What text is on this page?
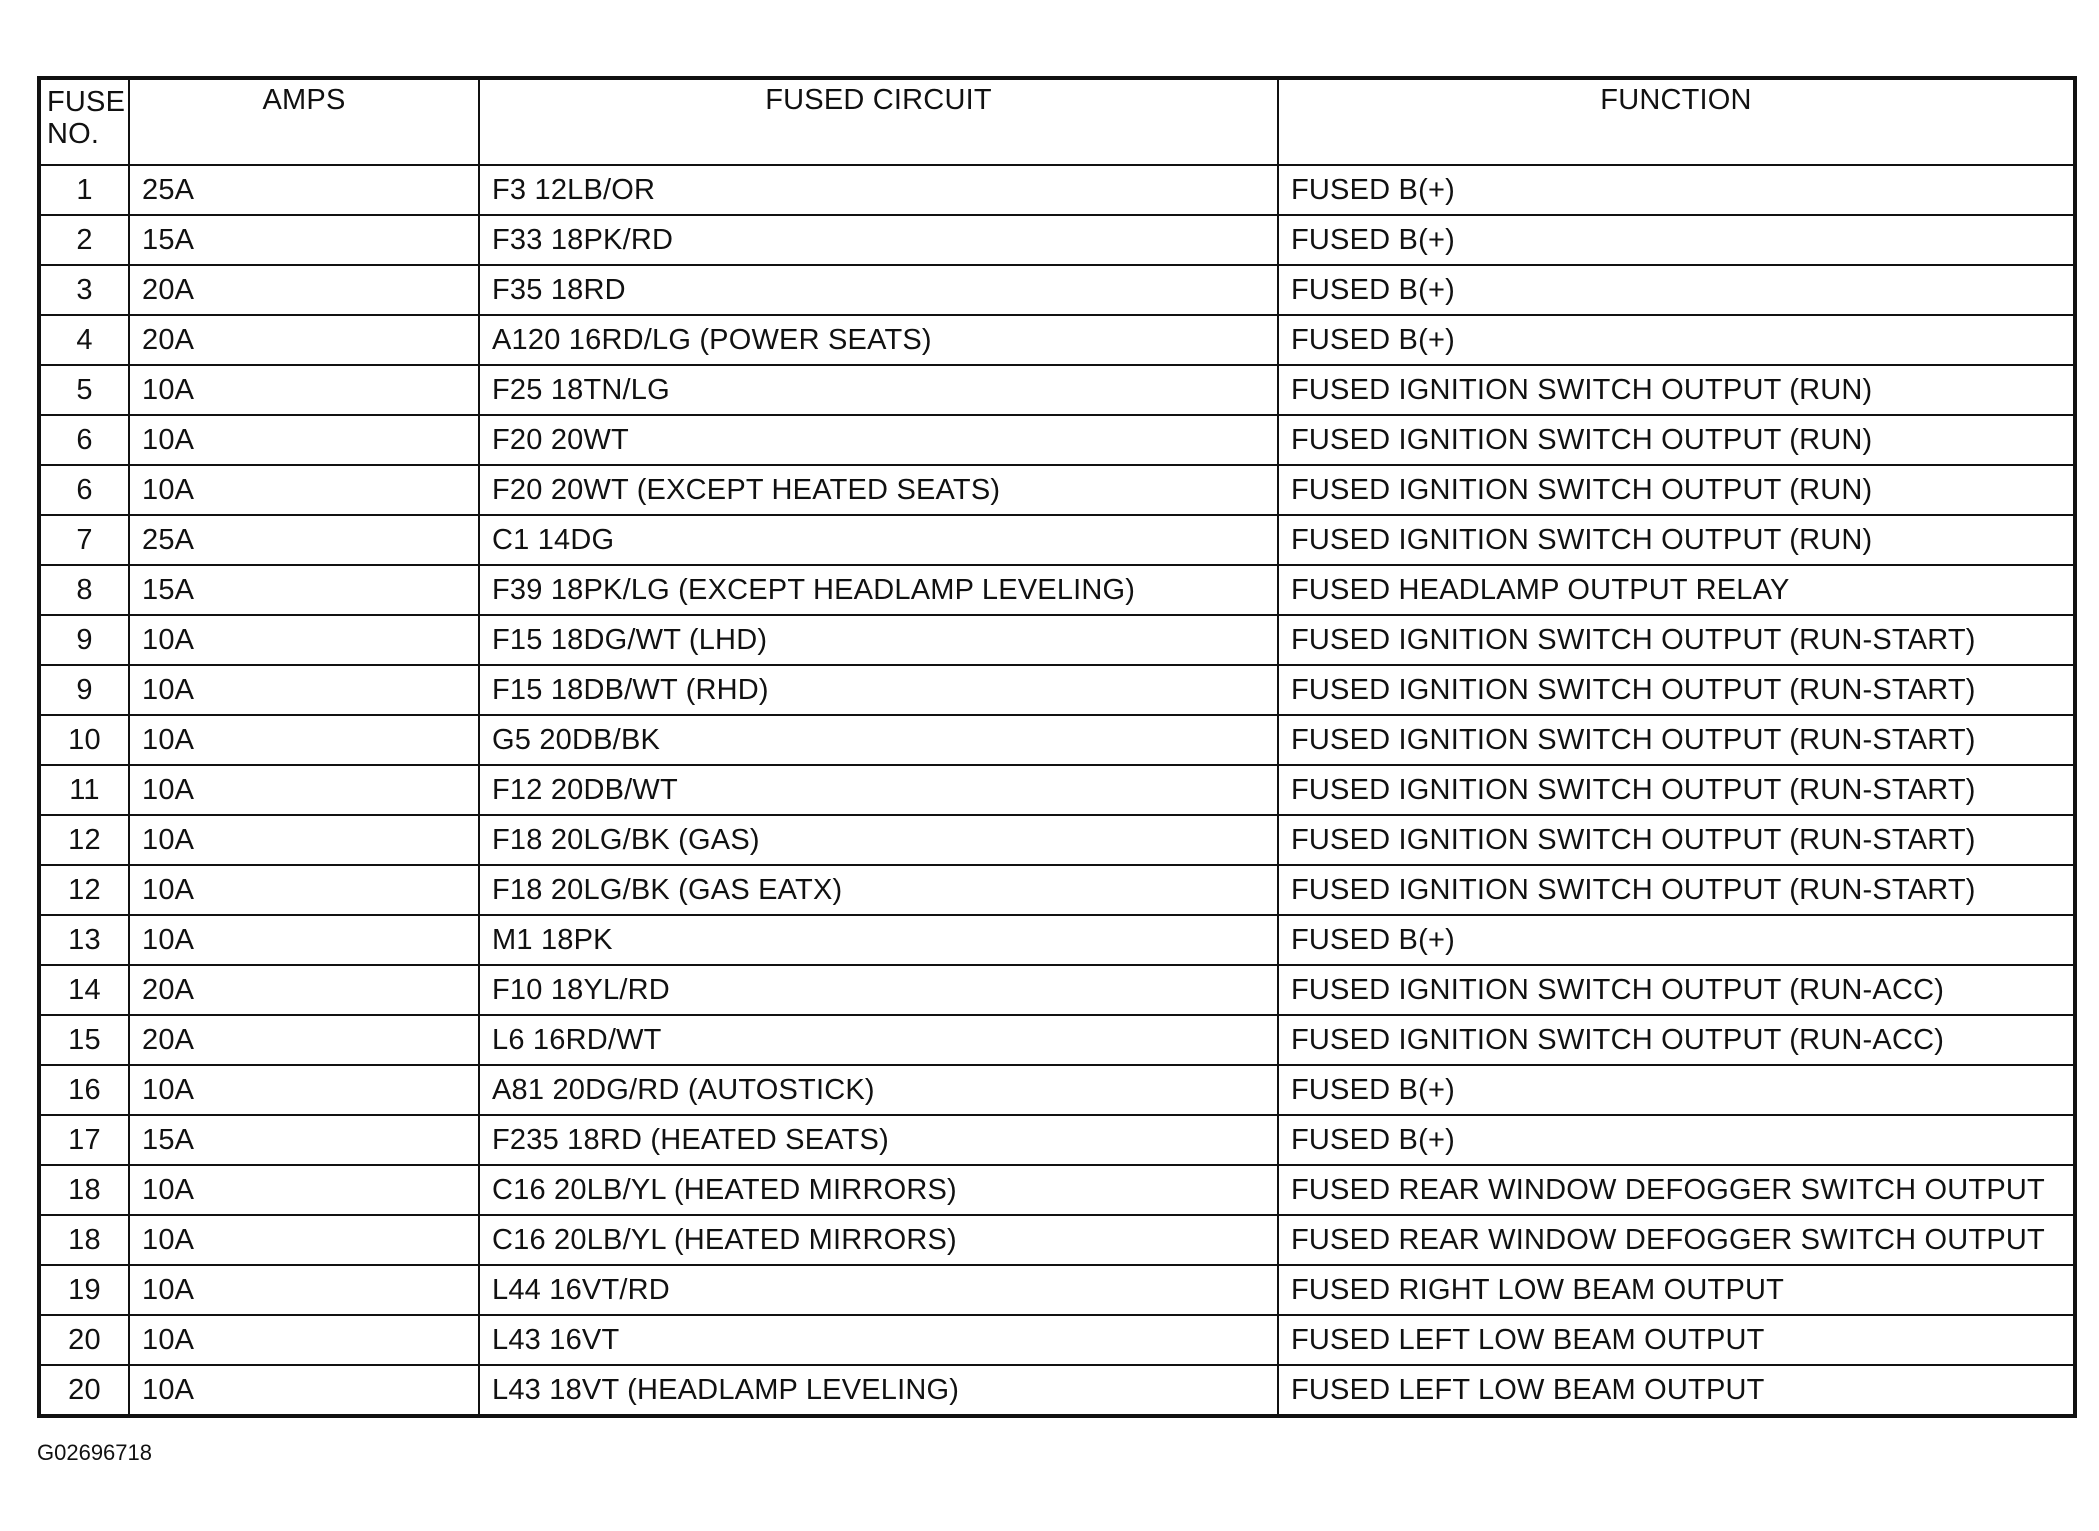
FUSE
NO.	AMPS	FUSED CIRCUIT	FUNCTION
1	25A	F3 12LB/OR	FUSED B(+)
2	15A	F33 18PK/RD	FUSED B(+)
3	20A	F35 18RD	FUSED B(+)
4	20A	A120 16RD/LG (POWER SEATS)	FUSED B(+)
5	10A	F25 18TN/LG	FUSED IGNITION SWITCH OUTPUT (RUN)
6	10A	F20 20WT	FUSED IGNITION SWITCH OUTPUT (RUN)
6	10A	F20 20WT (EXCEPT HEATED SEATS)	FUSED IGNITION SWITCH OUTPUT (RUN)
7	25A	C1 14DG	FUSED IGNITION SWITCH OUTPUT (RUN)
8	15A	F39 18PK/LG (EXCEPT HEADLAMP LEVELING)	FUSED HEADLAMP OUTPUT RELAY
9	10A	F15 18DG/WT (LHD)	FUSED IGNITION SWITCH OUTPUT (RUN-START)
9	10A	F15 18DB/WT (RHD)	FUSED IGNITION SWITCH OUTPUT (RUN-START)
10	10A	G5 20DB/BK	FUSED IGNITION SWITCH OUTPUT (RUN-START)
11	10A	F12 20DB/WT	FUSED IGNITION SWITCH OUTPUT (RUN-START)
12	10A	F18 20LG/BK (GAS)	FUSED IGNITION SWITCH OUTPUT (RUN-START)
12	10A	F18 20LG/BK (GAS EATX)	FUSED IGNITION SWITCH OUTPUT (RUN-START)
13	10A	M1 18PK	FUSED B(+)
14	20A	F10 18YL/RD	FUSED IGNITION SWITCH OUTPUT (RUN-ACC)
15	20A	L6 16RD/WT	FUSED IGNITION SWITCH OUTPUT (RUN-ACC)
16	10A	A81 20DG/RD (AUTOSTICK)	FUSED B(+)
17	15A	F235 18RD (HEATED SEATS)	FUSED B(+)
18	10A	C16 20LB/YL (HEATED MIRRORS)	FUSED REAR WINDOW DEFOGGER SWITCH OUTPUT
18	10A	C16 20LB/YL (HEATED MIRRORS)	FUSED REAR WINDOW DEFOGGER SWITCH OUTPUT
19	10A	L44 16VT/RD	FUSED RIGHT LOW BEAM OUTPUT
20	10A	L43 16VT	FUSED LEFT LOW BEAM OUTPUT
20	10A	L43 18VT (HEADLAMP LEVELING)	FUSED LEFT LOW BEAM OUTPUT
G02696718
